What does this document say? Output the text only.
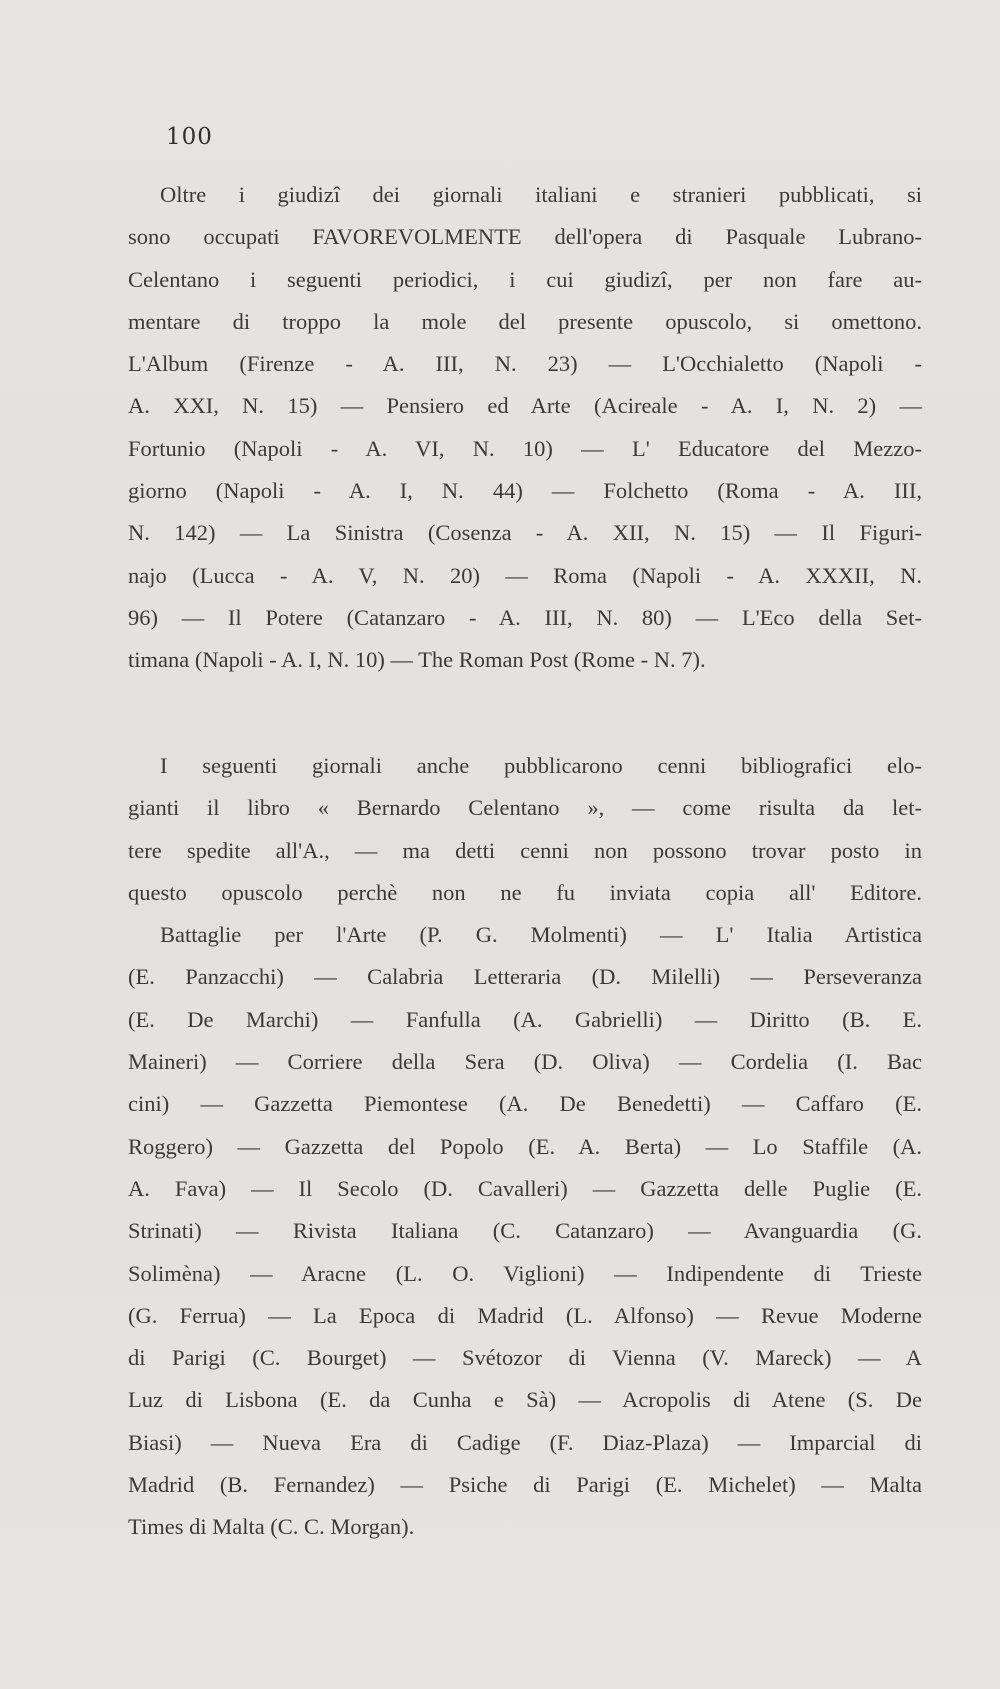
100
Oltre i giudizî dei giornali italiani e stranieri pubblicati, si
sono occupati FAVOREVOLMENTE dell'opera di Pasquale Lubrano-
Celentano i seguenti periodici, i cui giudizî, per non fare au-
mentare di troppo la mole del presente opuscolo, si omettono.
L'Album (Firenze - A. III, N. 23) — L'Occhialetto (Napoli -
A. XXI, N. 15) — Pensiero ed Arte (Acireale - A. I, N. 2) —
Fortunio (Napoli - A. VI, N. 10) — L' Educatore del Mezzo-
giorno (Napoli - A. I, N. 44) — Folchetto (Roma - A. III,
N. 142) — La Sinistra (Cosenza - A. XII, N. 15) — Il Figuri-
najo (Lucca - A. V, N. 20) — Roma (Napoli - A. XXXII, N.
96) — Il Potere (Catanzaro - A. III, N. 80) — L'Eco della Set-
timana (Napoli - A. I, N. 10) — The Roman Post (Rome - N. 7).
I seguenti giornali anche pubblicarono cenni bibliografici elo-
gianti il libro « Bernardo Celentano », — come risulta da let-
tere spedite all'A., — ma detti cenni non possono trovar posto in
questo opuscolo perchè non ne fu inviata copia all' Editore.
Battaglie per l'Arte (P. G. Molmenti) — L' Italia Artistica
(E. Panzacchi) — Calabria Letteraria (D. Milelli) — Perseveranza
(E. De Marchi) — Fanfulla (A. Gabrielli) — Diritto (B. E.
Maineri) — Corriere della Sera (D. Oliva) — Cordelia (I. Bac
cini) — Gazzetta Piemontese (A. De Benedetti) — Caffaro (E.
Roggero) — Gazzetta del Popolo (E. A. Berta) — Lo Staffile (A.
A. Fava) — Il Secolo (D. Cavalleri) — Gazzetta delle Puglie (E.
Strinati) — Rivista Italiana (C. Catanzaro) — Avanguardia (G.
Solimèna) — Aracne (L. O. Viglioni) — Indipendente di Trieste
(G. Ferrua) — La Epoca di Madrid (L. Alfonso) — Revue Moderne
di Parigi (C. Bourget) — Svétozor di Vienna (V. Mareck) — A
Luz di Lisbona (E. da Cunha e Sà) — Acropolis di Atene (S. De
Biasi) — Nueva Era di Cadige (F. Diaz-Plaza) — Imparcial di
Madrid (B. Fernandez) — Psiche di Parigi (E. Michelet) — Malta
Times di Malta (C. C. Morgan).
